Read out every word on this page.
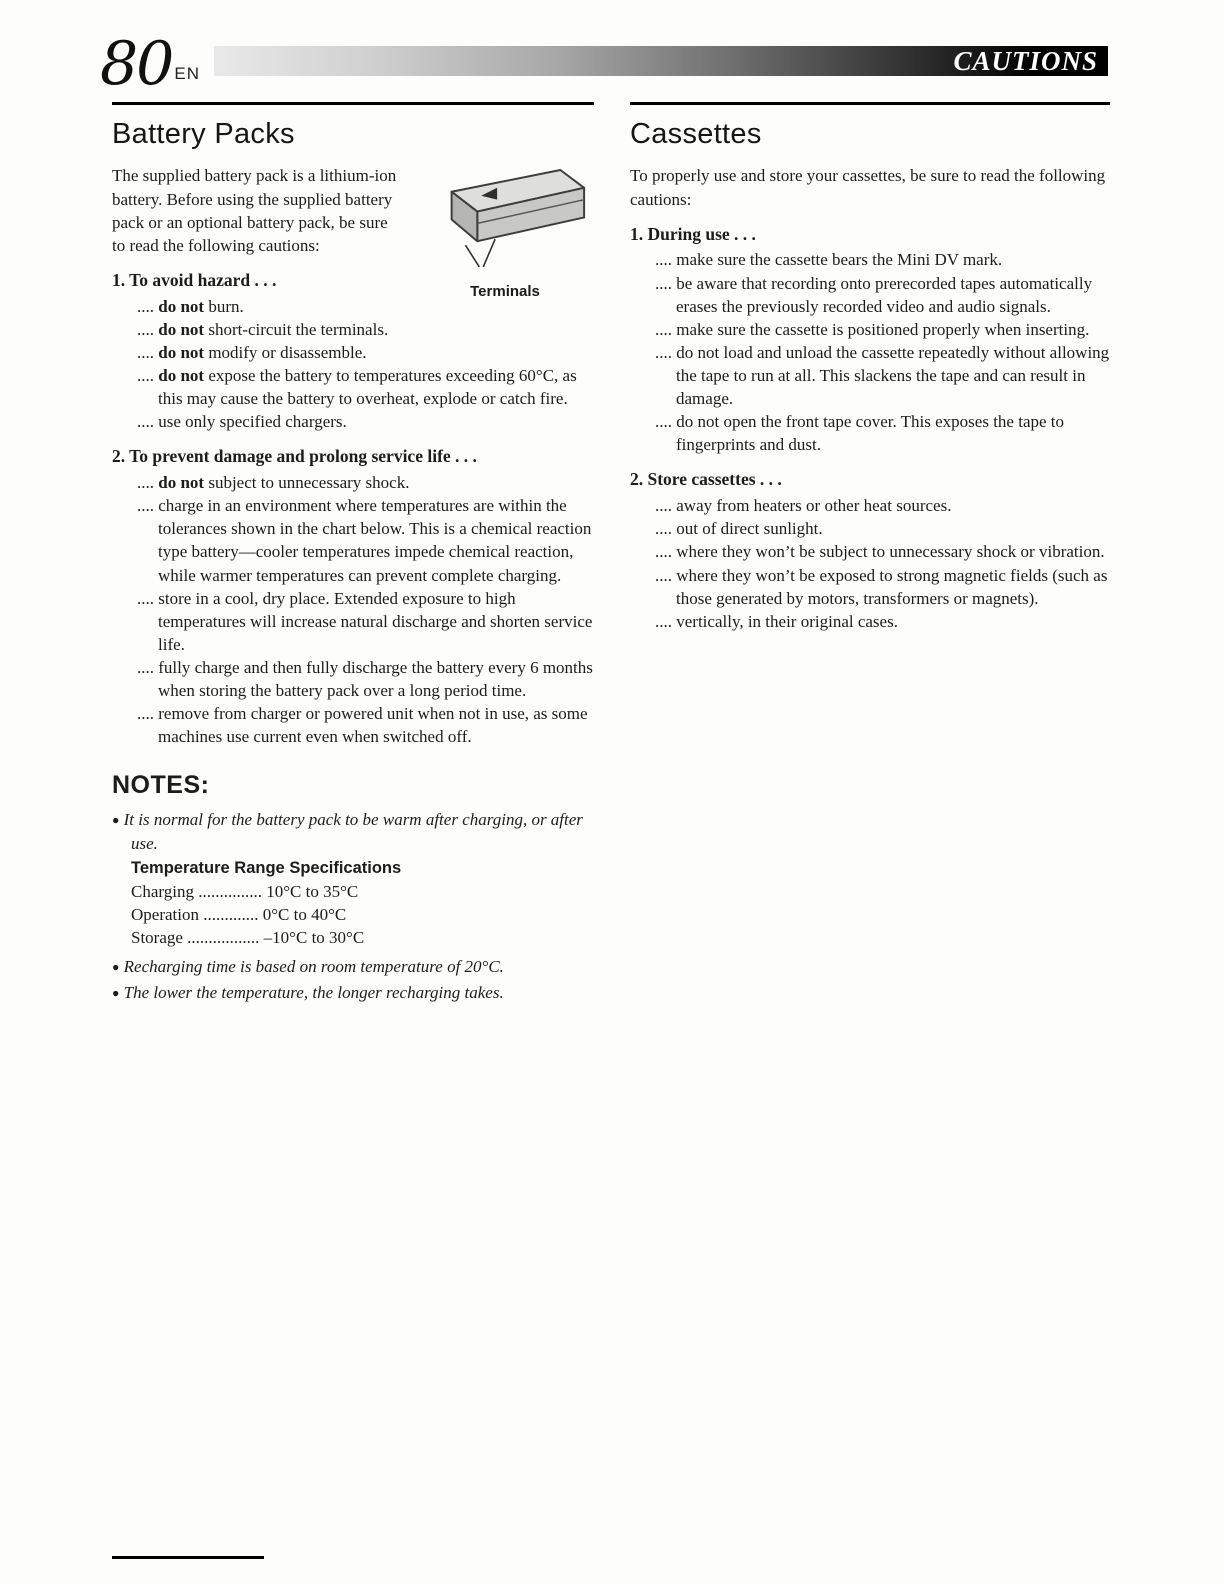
80 EN	CAUTIONS
Battery Packs
Terminals

The supplied battery pack is a lithium-ion battery. Before using the supplied battery pack or an optional battery pack, be sure to read the following cautions:

1. To avoid hazard . . .
.... do not burn.
.... do not short-circuit the terminals.
.... do not modify or disassemble.
.... do not expose the battery to temperatures exceeding 60°C, as this may cause the battery to overheat, explode or catch fire.
.... use only specified chargers.
2. To prevent damage and prolong service life . . .
.... do not subject to unnecessary shock.
.... charge in an environment where temperatures are within the tolerances shown in the chart below. This is a chemical reaction type battery—cooler temperatures impede chemical reaction, while warmer temperatures can prevent complete charging.
.... store in a cool, dry place. Extended exposure to high temperatures will increase natural discharge and shorten service life.
.... fully charge and then fully discharge the battery every 6 months when storing the battery pack over a long period time.
.... remove from charger or powered unit when not in use, as some machines use current even when switched off.
NOTES:
● It is normal for the battery pack to be warm after charging, or after use.
Temperature Range Specifications

Charging ............... 10°C to 35°C

Operation ............. 0°C to 40°C

Storage ................. –10°C to 30°C

● Recharging time is based on room temperature of 20°C.
● The lower the temperature, the longer recharging takes.
Cassettes

To properly use and store your cassettes, be sure to read the following cautions:

1. During use . . .
.... make sure the cassette bears the Mini DV mark.
.... be aware that recording onto prerecorded tapes automatically erases the previously recorded video and audio signals.
.... make sure the cassette is positioned properly when inserting.
.... do not load and unload the cassette repeatedly without allowing the tape to run at all. This slackens the tape and can result in damage.
.... do not open the front tape cover. This exposes the tape to fingerprints and dust.
2. Store cassettes . . .
.... away from heaters or other heat sources.
.... out of direct sunlight.
.... where they won’t be subject to unnecessary shock or vibration.
.... where they won’t be exposed to strong magnetic fields (such as those generated by motors, transformers or magnets).
.... vertically, in their original cases.
